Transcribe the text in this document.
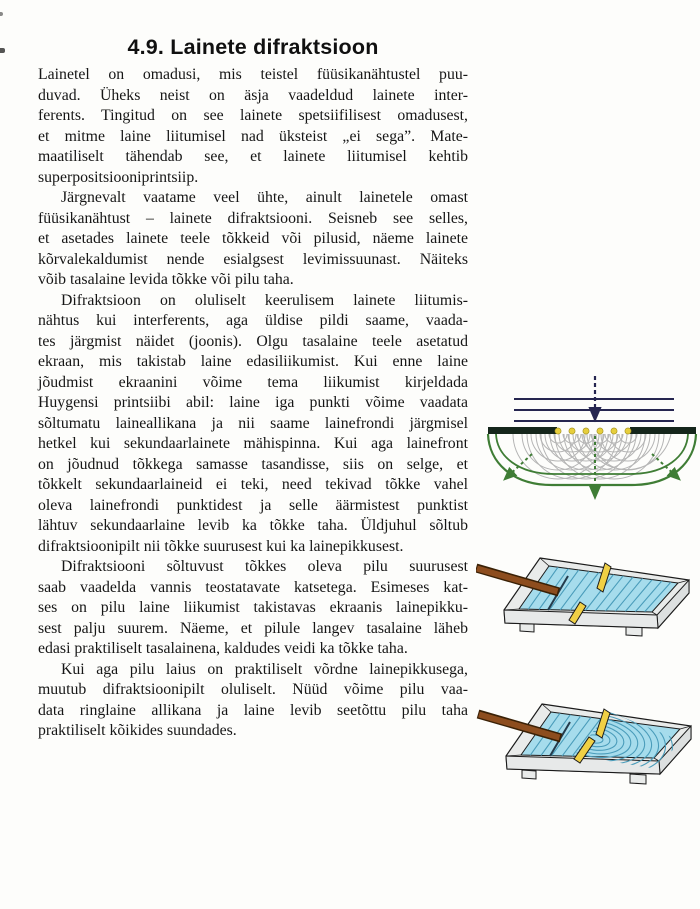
4.9. Lainete difraktsioon
Lainetel on omadusi, mis teistel füüsikanähtustel puu-
duvad. Üheks neist on äsja vaadeldud lainete inter-
ferents. Tingitud on see lainete spetsiifilisest omadusest,
et mitme laine liitumisel nad üksteist „ei sega”. Mate-
maatiliselt tähendab see, et lainete liitumisel kehtib
superpositsiooniprintsiip.
Järgnevalt vaatame veel ühte, ainult lainetele omast
füüsikanähtust – lainete difraktsiooni. Seisneb see selles,
et asetades lainete teele tõkkeid või pilusid, näeme lainete
kõrvalekaldumist nende esialgsest levimissuunast. Näiteks
võib tasalaine levida tõkke või pilu taha.
Difraktsioon on oluliselt keerulisem lainete liitumis-
nähtus kui interferents, aga üldise pildi saame, vaada-
tes järgmist näidet (joonis). Olgu tasalaine teele asetatud
ekraan, mis takistab laine edasiliikumist. Kui enne laine
jõudmist ekraanini võime tema liikumist kirjeldada
Huygensi printsiibi abil: laine iga punkti võime vaadata
sõltumatu laineallikana ja nii saame lainefrondi järgmisel
hetkel kui sekundaarlainete mähispinna. Kui aga lainefront
on jõudnud tõkkega samasse tasandisse, siis on selge, et
tõkkelt sekundaarlaineid ei teki, need tekivad tõkke vahel
oleva lainefrondi punktidest ja selle äärmistest punktist
lähtuv sekundaarlaine levib ka tõkke taha. Üldjuhul sõltub
difraktsioonipilt nii tõkke suurusest kui ka lainepikkusest.
Difraktsiooni sõltuvust tõkkes oleva pilu suurusest
saab vaadelda vannis teostatavate katsetega. Esimeses kat-
ses on pilu laine liikumist takistavas ekraanis lainepikku-
sest palju suurem. Näeme, et pilule langev tasalaine läheb
edasi praktiliselt tasalainena, kaldudes veidi ka tõkke taha.
Kui aga pilu laius on praktiliselt võrdne lainepikkusega,
muutub difraktsioonipilt oluliselt. Nüüd võime pilu vaa-
data ringlaine allikana ja laine levib seetõttu pilu taha
praktiliselt kõikides suundades.
